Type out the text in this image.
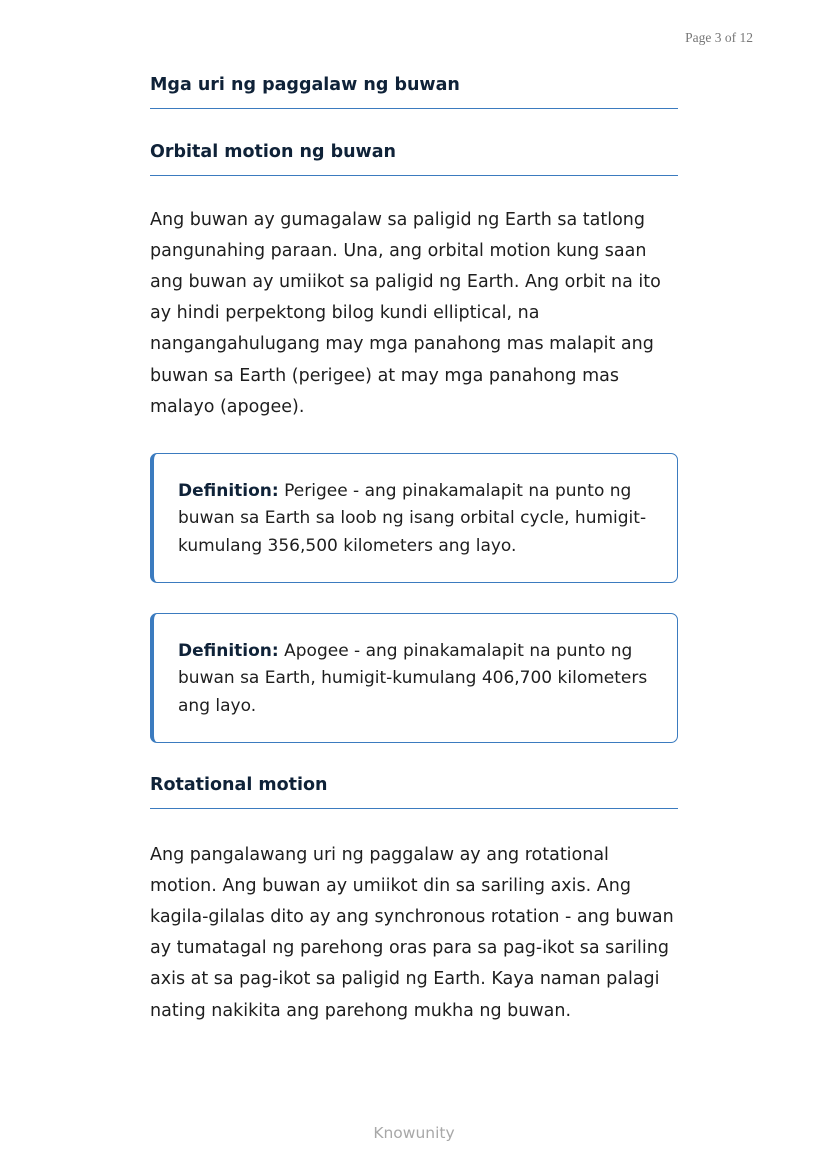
Page 3 of 12
Mga uri ng paggalaw ng buwan
Orbital motion ng buwan

Ang buwan ay gumagalaw sa paligid ng Earth sa tatlong pangunahing paraan. Una, ang orbital motion kung saan ang buwan ay umiikot sa paligid ng Earth. Ang orbit na ito ay hindi perpektong bilog kundi elliptical, na nangangahulugang may mga panahong mas malapit ang buwan sa Earth (perigee) at may mga panahong mas malayo (apogee).

Definition: Perigee - ang pinakamalapit na punto ng buwan sa Earth sa loob ng isang orbital cycle, humigit-kumulang 356,500 kilometers ang layo.
Definition: Apogee - ang pinakamalapit na punto ng buwan sa Earth, humigit-kumulang 406,700 kilometers ang layo.
Rotational motion

Ang pangalawang uri ng paggalaw ay ang rotational motion. Ang buwan ay umiikot din sa sariling axis. Ang kagila-gilalas dito ay ang synchronous rotation - ang buwan ay tumatagal ng parehong oras para sa pag-ikot sa sariling axis at sa pag-ikot sa paligid ng Earth. Kaya naman palagi nating nakikita ang parehong mukha ng buwan.

Knowunity
